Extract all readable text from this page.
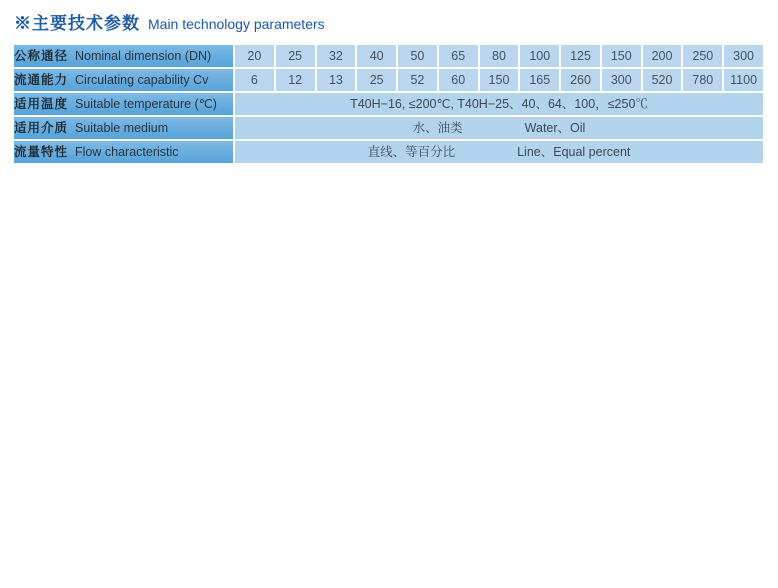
※主要技术参数 Main technology parameters
公称通径 Nominal dimension (DN)	20	25	32	40	50	65	80	100	125	150	200	250	300
流通能力 Circulating capability Cv	6	12	13	25	52	60	150	165	260	300	520	780	1100
适用温度 Suitable temperature (℃)	T40H−16, ≤200℃, T40H−25、40、64、100，≤250℃												
适用介质 Suitable medium	水、油类 Water、Oil												
流量特性 Flow characteristic	直线、等百分比 Line、Equal percent												
